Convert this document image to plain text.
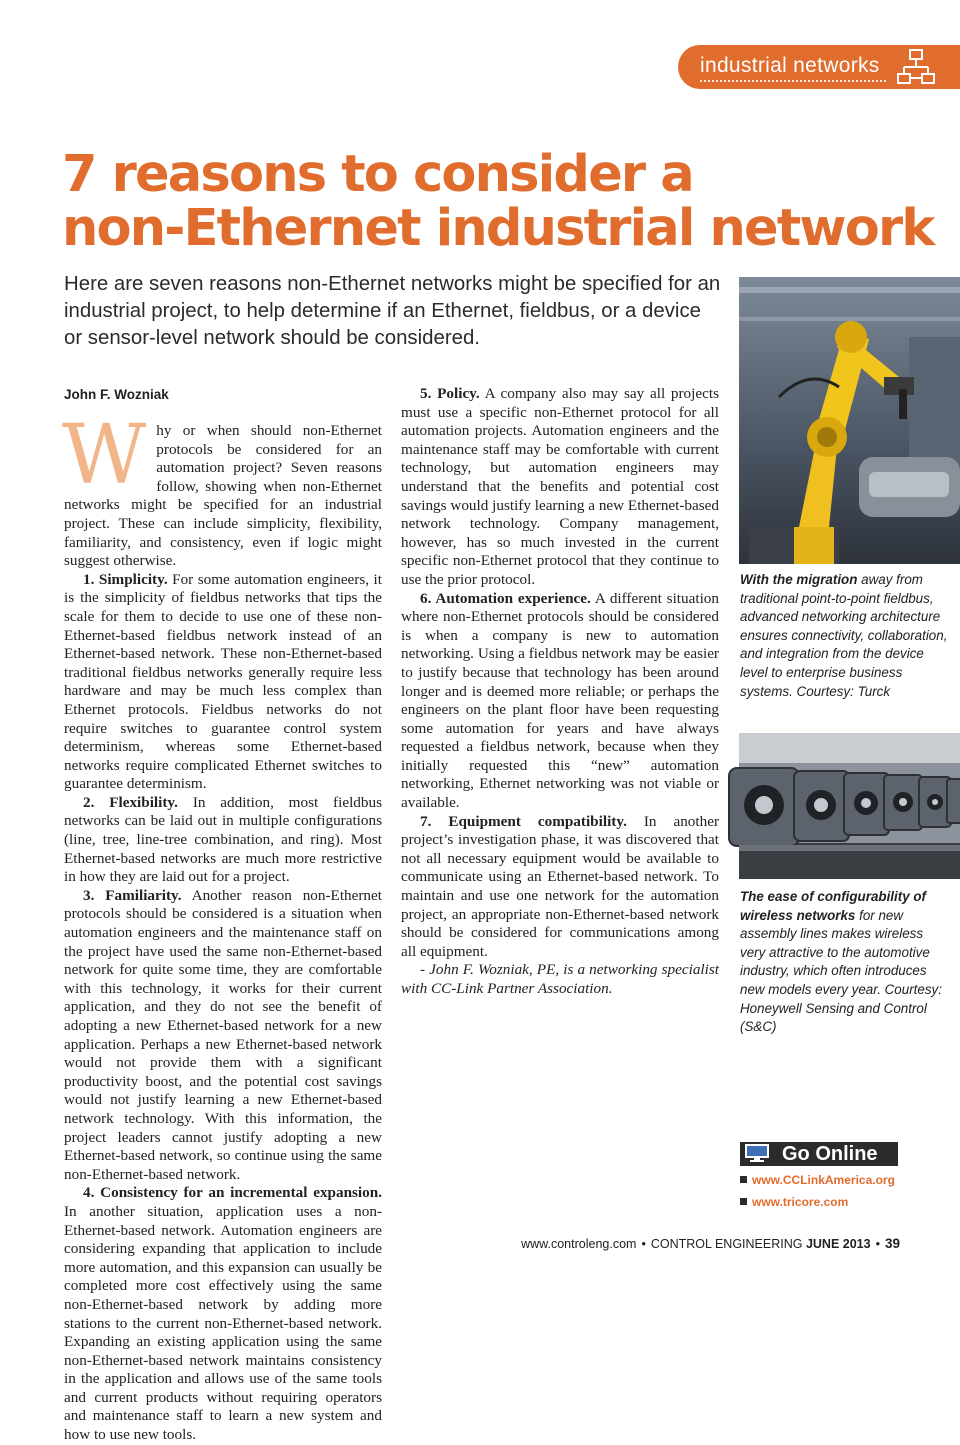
industrial networks
7 reasons to consider a
non-Ethernet industrial network

Here are seven reasons non-Ethernet networks might be specified for an industrial project, to help determine if an Ethernet, fieldbus, or a device or sensor-level network should be considered.

John F. Wozniak

Why or when should non-Ethernet protocols be considered for an automation project? Seven reasons follow, showing when non-Ethernet networks might be specified for an industrial project. These can include simplicity, flexibility, familiarity, and consistency, even if logic might suggest otherwise.

1. Simplicity. For some automation engineers, it is the simplicity of fieldbus networks that tips the scale for them to decide to use one of these non-Ethernet-based fieldbus network instead of an Ethernet-based network. These non-Ethernet-based traditional fieldbus networks generally require less hardware and may be much less complex than Ethernet protocols. Fieldbus networks do not require switches to guarantee control system determinism, whereas some Ethernet-based networks require complicated Ethernet switches to guarantee determinism.

2. Flexibility. In addition, most fieldbus networks can be laid out in multiple configurations (line, tree, line-tree combination, and ring). Most Ethernet-based networks are much more restrictive in how they are laid out for a project.

3. Familiarity. Another reason non-Ethernet protocols should be considered is a situation when automation engineers and the maintenance staff on the project have used the same non-Ethernet-based network for quite some time, they are comfortable with this technology, it works for their current application, and they do not see the benefit of adopting a new Ethernet-based network for a new application. Perhaps a new Ethernet-based network would not provide them with a significant productivity boost, and the potential cost savings would not justify learning a new Ethernet-based network technology. With this information, the project leaders cannot justify adopting a new Ethernet-based network, so continue using the same non-Ethernet-based network.

4. Consistency for an incremental expansion. In another situation, application uses a non-Ethernet-based network. Automation engineers are considering expanding that application to include more automation, and this expansion can usually be completed more cost effectively using the same non-Ethernet-based network by adding more stations to the current non-Ethernet-based network. Expanding an existing application using the same non-Ethernet-based network maintains consistency in the application and allows use of the same tools and current products without requiring operators and maintenance staff to learn a new system and how to use new tools.

5. Policy. A company also may say all projects must use a specific non-Ethernet protocol for all automation projects. Automation engineers and the maintenance staff may be comfortable with current technology, but automation engineers may understand that the benefits and potential cost savings would justify learning a new Ethernet-based network technology. Company management, however, has so much invested in the current specific non-Ethernet protocol that they continue to use the prior protocol.

6. Automation experience. A different situation where non-Ethernet protocols should be considered is when a company is new to automation networking. Using a fieldbus network may be easier to justify because that technology has been around longer and is deemed more reliable; or perhaps the engineers on the plant floor have been requesting some automation for years and have always requested a fieldbus network, because when they initially requested this “new” automation networking, Ethernet networking was not viable or available.

7. Equipment compatibility. In another project’s investigation phase, it was discovered that not all necessary equipment would be available to communicate using an Ethernet-based network. To maintain and use one network for the automation project, an appropriate non-Ethernet-based network should be considered for communications among all equipment.

- John F. Wozniak, PE, is a networking specialist with CC-Link Partner Association.

With the migration away from traditional point-to-point fieldbus, advanced networking architecture ensures connectivity, collaboration, and integration from the device level to enterprise business systems. Courtesy: Turck
The ease of configurability of wireless networks for new assembly lines makes wireless very attractive to the automotive industry, which often introduces new models every year. Courtesy: Honeywell Sensing and Control (S&C)
Go Online
www.CCLinkAmerica.org
www.tricore.com
www.controleng.com • CONTROL ENGINEERING JUNE 2013 • 39
